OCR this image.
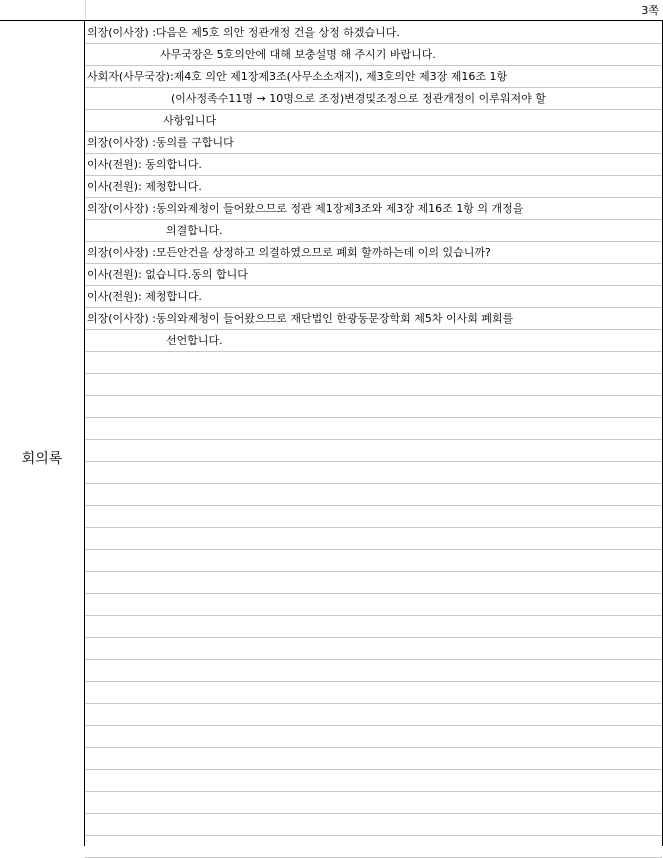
3쪽
회의록
의장(이사장) :다음은 제5호 의안 정관개정 건을 상정 하겠습니다.
사무국장은 5호의안에 대해 보충설명 해 주시기 바랍니다.
사회자(사무국장):제4호 의안 제1장제3조(사무소소재지), 제3호의안 제3장 제16조 1항
(이사정족수11명 → 10명으로 조정)변경및조정으로 정관개정이 이루워져야 할
사항입니다
의장(이사장) :동의를 구합니다
이사(전원): 동의합니다.
이사(전원): 제청합니다.
의장(이사장) :동의와제청이 들어왔으므로 정관 제1장제3조와 제3장 제16조 1항 의 개정을
의결합니다.
의장(이사장) :모든안건을 상정하고 의결하였으므로 폐회 할까하는데 이의 있습니까?
이사(전원): 없습니다.동의 합니다
이사(전원): 제청합니다.
의장(이사장) :동의와제청이 들어왔으므로 재단법인 한광동문장학회 제5차 이사회 폐회를
선언합니다.
